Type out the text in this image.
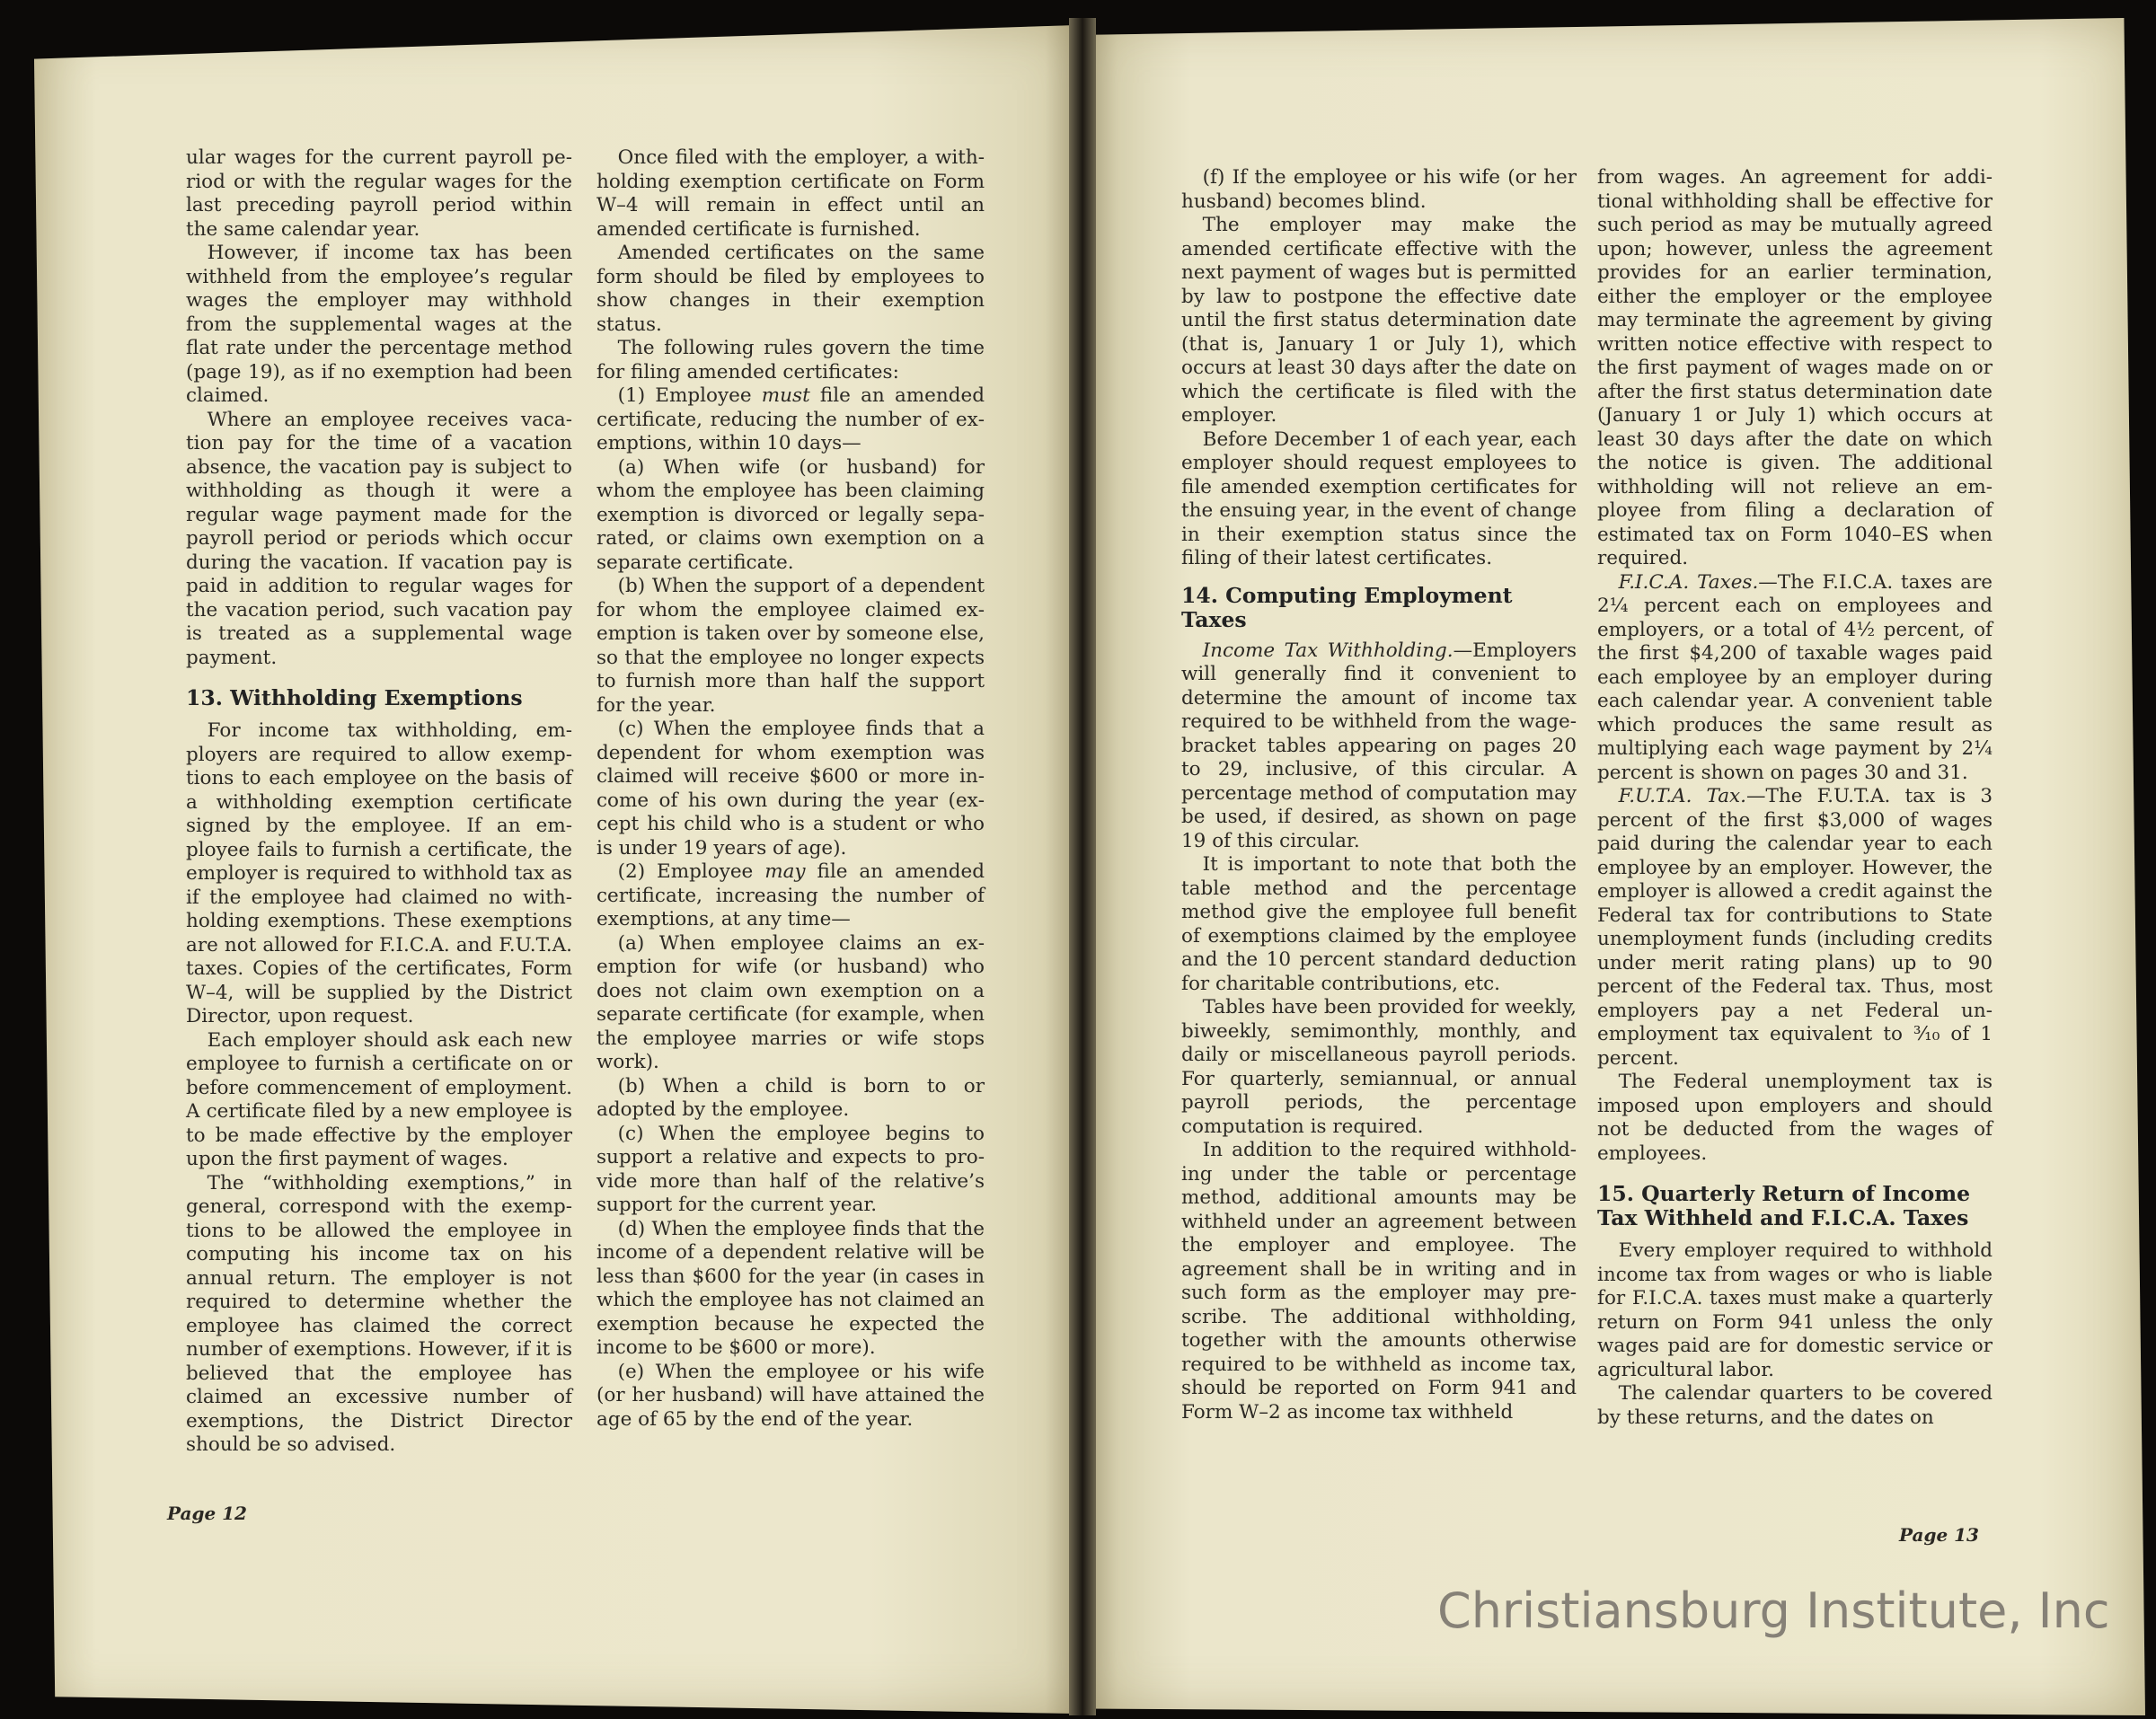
ular wages for the current payroll period or with the regular wages for the last preceding payroll period within the same calendar year.

However, if income tax has been withheld from the employee’s regular wages the employer may withhold from the supplemental wages at the flat rate under the percentage method (page 19), as if no exemption had been claimed.

Where an employee receives vacation pay for the time of a vacation absence, the vacation pay is subject to withholding as though it were a regular wage payment made for the payroll period or periods which occur during the vacation. If vacation pay is paid in addition to regular wages for the vacation period, such vacation pay is treated as a supplemental wage payment.

13. Withholding Exemptions

For income tax withholding, employers are required to allow exemptions to each employee on the basis of a withholding exemption certificate signed by the employee. If an employee fails to furnish a certificate, the employer is required to withhold tax as if the employee had claimed no withholding exemptions. These exemptions are not allowed for F.I.C.A. and F.U.T.A. taxes. Copies of the certificates, Form W–4, will be supplied by the District Director, upon request.

Each employer should ask each new employee to furnish a certificate on or before commencement of employment. A certificate filed by a new employee is to be made effective by the employer upon the first payment of wages.

The “withholding exemptions,” in general, correspond with the exemptions to be allowed the employee in computing his income tax on his annual return. The employer is not required to determine whether the employee has claimed the correct number of exemptions. However, if it is believed that the employee has claimed an excessive number of exemptions, the District Director should be so advised.

Once filed with the employer, a withholding exemption certificate on Form W–4 will remain in effect until an amended certificate is furnished.

Amended certificates on the same form should be filed by employees to show changes in their exemption status.

The following rules govern the time for filing amended certificates:

(1) Employee must file an amended certificate, reducing the number of exemptions, within 10 days—

(a) When wife (or husband) for whom the employee has been claiming exemption is divorced or legally separated, or claims own exemption on a separate certificate.

(b) When the support of a dependent for whom the employee claimed exemption is taken over by someone else, so that the employee no longer expects to furnish more than half the support for the year.

(c) When the employee finds that a dependent for whom exemption was claimed will receive $600 or more income of his own during the year (except his child who is a student or who is under 19 years of age).

(2) Employee may file an amended certificate, increasing the number of exemptions, at any time—

(a) When employee claims an exemption for wife (or husband) who does not claim own exemption on a separate certificate (for example, when the employee marries or wife stops work).

(b) When a child is born to or adopted by the employee.

(c) When the employee begins to support a relative and expects to provide more than half of the relative’s support for the current year.

(d) When the employee finds that the income of a dependent relative will be less than $600 for the year (in cases in which the employee has not claimed an exemption because he expected the income to be $600 or more).

(e) When the employee or his wife (or her husband) will have attained the age of 65 by the end of the year.

Page 12

(f) If the employee or his wife (or her husband) becomes blind.

The employer may make the amended certificate effective with the next payment of wages but is permitted by law to postpone the effective date until the first status determination date (that is, January 1 or July 1), which occurs at least 30 days after the date on which the certificate is filed with the employer.

Before December 1 of each year, each employer should request employees to file amended exemption certificates for the ensuing year, in the event of change in their exemption status since the filing of their latest certificates.

14. Computing Employment Taxes

Income Tax Withholding.—Employers will generally find it convenient to determine the amount of income tax required to be withheld from the wage-bracket tables appearing on pages 20 to 29, inclusive, of this circular. A percentage method of computation may be used, if desired, as shown on page 19 of this circular.

It is important to note that both the table method and the percentage method give the employee full benefit of exemptions claimed by the employee and the 10 percent standard deduction for charitable contributions, etc.

Tables have been provided for weekly, biweekly, semimonthly, monthly, and daily or miscellaneous payroll periods. For quarterly, semiannual, or annual payroll periods, the percentage computation is required.

In addition to the required withholding under the table or percentage method, additional amounts may be withheld under an agreement between the employer and employee. The agreement shall be in writing and in such form as the employer may prescribe. The additional withholding, together with the amounts otherwise required to be withheld as income tax, should be reported on Form 941 and Form W–2 as income tax withheld

from wages. An agreement for additional withholding shall be effective for such period as may be mutually agreed upon; however, unless the agreement provides for an earlier termination, either the employer or the employee may terminate the agreement by giving written notice effective with respect to the first payment of wages made on or after the first status determination date (January 1 or July 1) which occurs at least 30 days after the date on which the notice is given. The additional withholding will not relieve an employee from filing a declaration of estimated tax on Form 1040–ES when required.

F.I.C.A. Taxes.—The F.I.C.A. taxes are 2¼ percent each on employees and employers, or a total of 4½ percent, of the first $4,200 of taxable wages paid each employee by an employer during each calendar year. A convenient table which produces the same result as multiplying each wage payment by 2¼ percent is shown on pages 30 and 31.

F.U.T.A. Tax.—The F.U.T.A. tax is 3 percent of the first $3,000 of wages paid during the calendar year to each employee by an employer. However, the employer is allowed a credit against the Federal tax for contributions to State unemployment funds (including credits under merit rating plans) up to 90 percent of the Federal tax. Thus, most employers pay a net Federal unemployment tax equivalent to ³⁄₁₀ of 1 percent.

The Federal unemployment tax is imposed upon employers and should not be deducted from the wages of employees.

15. Quarterly Return of Income Tax Withheld and F.I.C.A. Taxes

Every employer required to withhold income tax from wages or who is liable for F.I.C.A. taxes must make a quarterly return on Form 941 unless the only wages paid are for domestic service or agricultural labor.

The calendar quarters to be covered by these returns, and the dates on

Page 13
Christiansburg Institute, Inc
